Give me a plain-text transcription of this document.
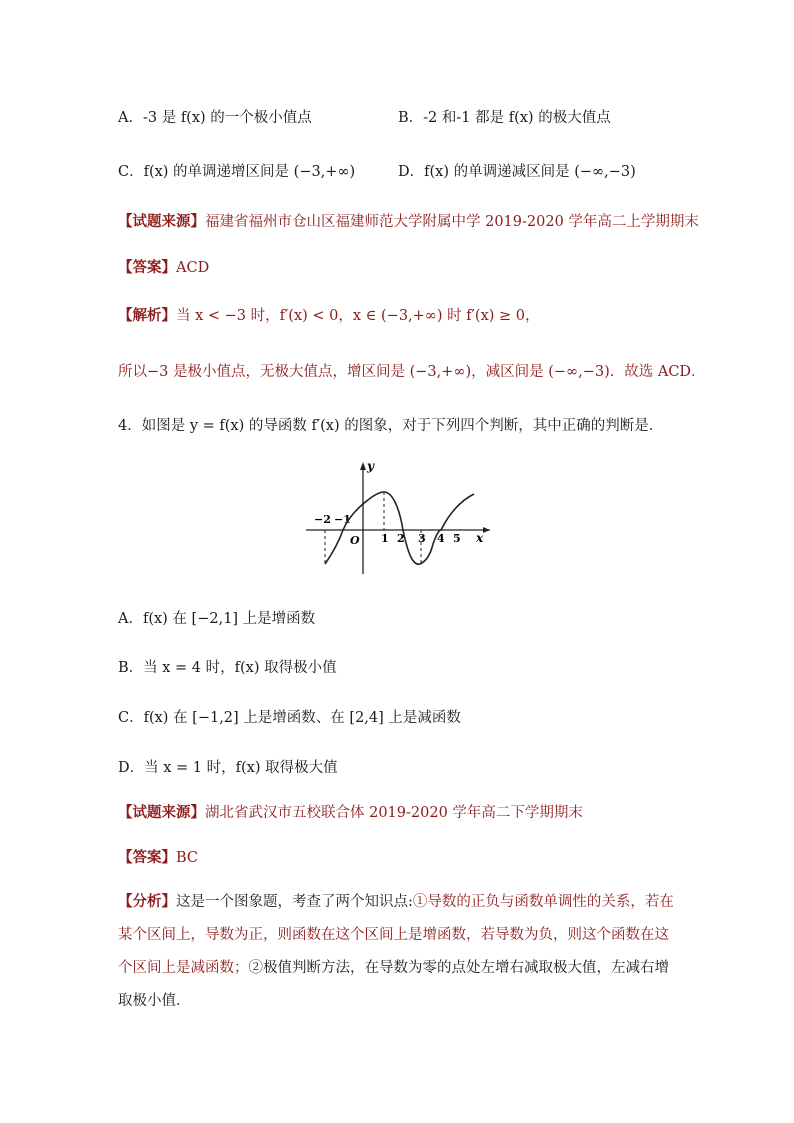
A．-3 是 f(x) 的一个极小值点	B．-2 和-1 都是 f(x) 的极大值点
C．f(x) 的单调递增区间是 (−3,+∞)	D．f(x) 的单调递减区间是 (−∞,−3)
【试题来源】福建省福州市仓山区福建师范大学附属中学 2019-2020 学年高二上学期期末
【答案】ACD
【解析】当 x < −3 时，f′(x) < 0，x ∈ (−3,+∞) 时 f′(x) ≥ 0，
所以−3 是极小值点，无极大值点，增区间是 (−3,+∞)，减区间是 (−∞,−3)．故选 ACD．
4．如图是 y = f(x) 的导函数 f′(x) 的图象，对于下列四个判断，其中正确的判断是．
y
x
O
−2 −1
1 2 3 4 5
A．f(x) 在 [−2,1] 上是增函数
B．当 x = 4 时，f(x) 取得极小值
C．f(x) 在 [−1,2] 上是增函数、在 [2,4] 上是减函数
D．当 x = 1 时，f(x) 取得极大值
【试题来源】湖北省武汉市五校联合体 2019-2020 学年高二下学期期末
【答案】BC
【分析】这是一个图象题，考查了两个知识点:①导数的正负与函数单调性的关系，若在某个区间上，导数为正，则函数在这个区间上是增函数，若导数为负，则这个函数在这个区间上是减函数；②极值判断方法，在导数为零的点处左增右减取极大值，左减右增取极小值．
